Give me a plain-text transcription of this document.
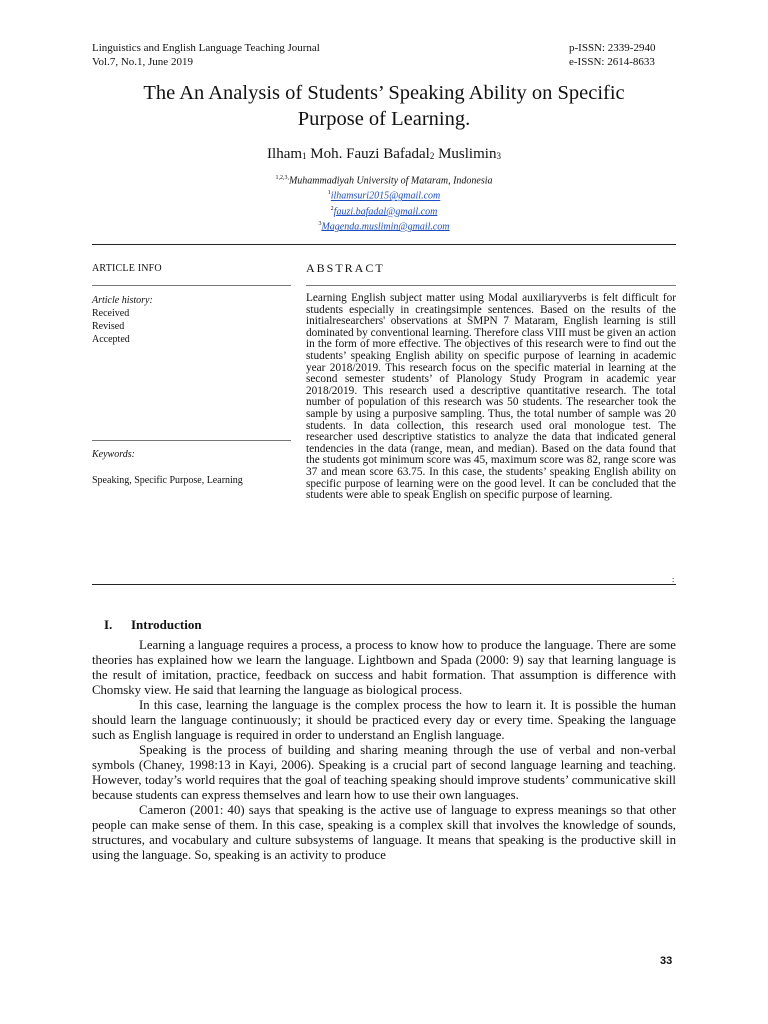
Linguistics and English Language Teaching Journal
Vol.7, No.1, June 2019
p-ISSN: 2339-2940
e-ISSN: 2614-8633
The An Analysis of Students’ Speaking Ability on Specific
Purpose of Learning.
Ilham$_1$ Moh. Fauzi Bafadal$_2$ Muslimin$_3$
$^{1,2,3,}$Muhammadiyah University of Mataram, Indonesia
$^1$ilhamsuri2015@gmail.com
$^2$fauzi.bafadal@gmail.com
$^3$Magenda.muslimin@gmail.com
ARTICLE INFO	ABSTRACT
Article history:
Received
Revised
Accepted
Keywords:
Speaking, Specific Purpose, Learning
Learning English subject matter using Modal auxiliaryverbs is felt difficult for students especially in creatingsimple sentences. Based on the results of the initialresearchers' observations at SMPN 7 Mataram, English learning is still dominated by conventional learning. Therefore class VIII must be given an action in the form of more effective. The objectives of this research were to find out the students’ speaking English ability on specific purpose of learning in academic year 2018/2019. This research focus on the specific material in learning at the second semester students’ of Planology Study Program in academic year 2018/2019. This research used a descriptive quantitative research. The total number of population of this research was 50 students. The researcher took the sample by using a purposive sampling. Thus, the total number of sample was 20 students. In data collection, this research used oral monologue test. The researcher used descriptive statistics to analyze the data that indicated general tendencies in the data (range, mean, and median). Based on the data found that the students got minimum score was 45, maximum score was 82, range score was 37 and mean score 63.75. In this case, the students’ speaking English ability on specific purpose of learning were on the good level. It can be concluded that the students were able to speak English on specific purpose of learning.
:
I. Introduction

Learning a language requires a process, a process to know how to produce the language. There are some theories has explained how we learn the language. Lightbown and Spada (2000: 9) say that learning language is the result of imitation, practice, feedback on success and habit formation. That assumption is difference with Chomsky view. He said that learning the language as biological process.

In this case, learning the language is the complex process the how to learn it. It is possible the human should learn the language continuously; it should be practiced every day or every time. Speaking the language such as English language is required in order to understand an English language.

Speaking is the process of building and sharing meaning through the use of verbal and non-verbal symbols (Chaney, 1998:13 in Kayi, 2006). Speaking is a crucial part of second language learning and teaching. However, today’s world requires that the goal of teaching speaking should improve students’ communicative skill because students can express themselves and learn how to use their own languages.

Cameron (2001: 40) says that speaking is the active use of language to express meanings so that other people can make sense of them. In this case, speaking is a complex skill that involves the knowledge of sounds, structures, and vocabulary and culture subsystems of language. It means that speaking is the productive skill in using the language. So, speaking is an activity to produce

33
